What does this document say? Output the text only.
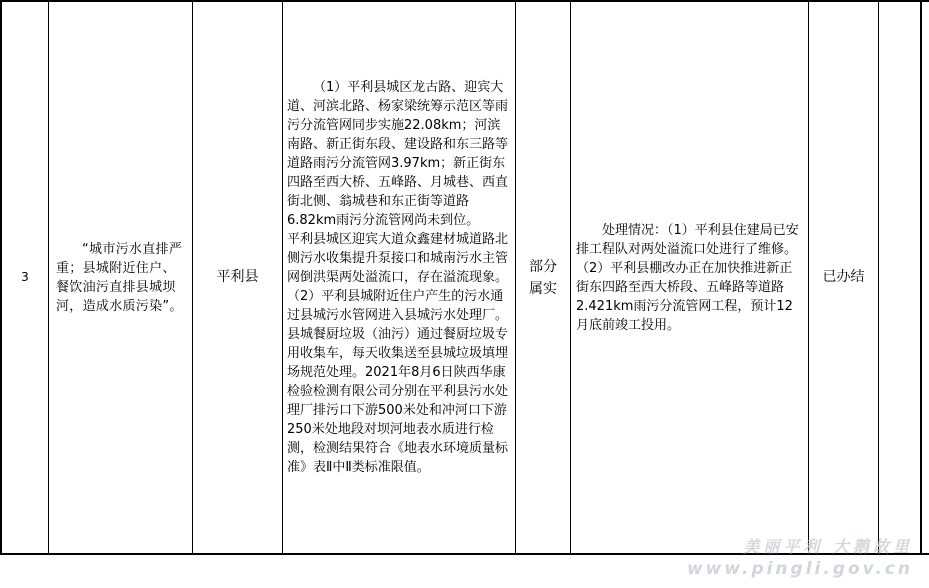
3
“城市污水直排严重；县城附近住户、餐饮油污直排县城坝河，造成水质污染”。
平利县

（1）平利县城区龙古路、迎宾大道、河滨北路、杨家梁统筹示范区等雨污分流管网同步实施22.08km；河滨南路、新正街东段、建设路和东三路等道路雨污分流管网3.97km；新正街东四路至西大桥、五峰路、月城巷、西直街北侧、翁城巷和东正街等道路6.82km雨污分流管网尚未到位。

平利县城区迎宾大道众鑫建材城道路北侧污水收集提升泵接口和城南污水主管网倒洪渠两处溢流口，存在溢流现象。（2）平利县城附近住户产生的污水通过县城污水管网进入县城污水处理厂。县城餐厨垃圾（油污）通过餐厨垃圾专用收集车，每天收集送至县城垃圾填埋场规范处理。2021年8月6日陕西华康检验检测有限公司分别在平利县污水处理厂排污口下游500米处和冲河口下游250米处地段对坝河地表水质进行检测，检测结果符合《地表水环境质量标准》表Ⅱ中Ⅱ类标准限值。

部分属实
处理情况：（1）平利县住建局已安排工程队对两处溢流口处进行了维修。（2）平利县棚改办正在加快推进新正街东四路至西大桥段、五峰路等道路2.421km雨污分流管网工程，预计12月底前竣工投用。
已办结
美丽平利 大鹅故里
www.pingli.gov.cn
